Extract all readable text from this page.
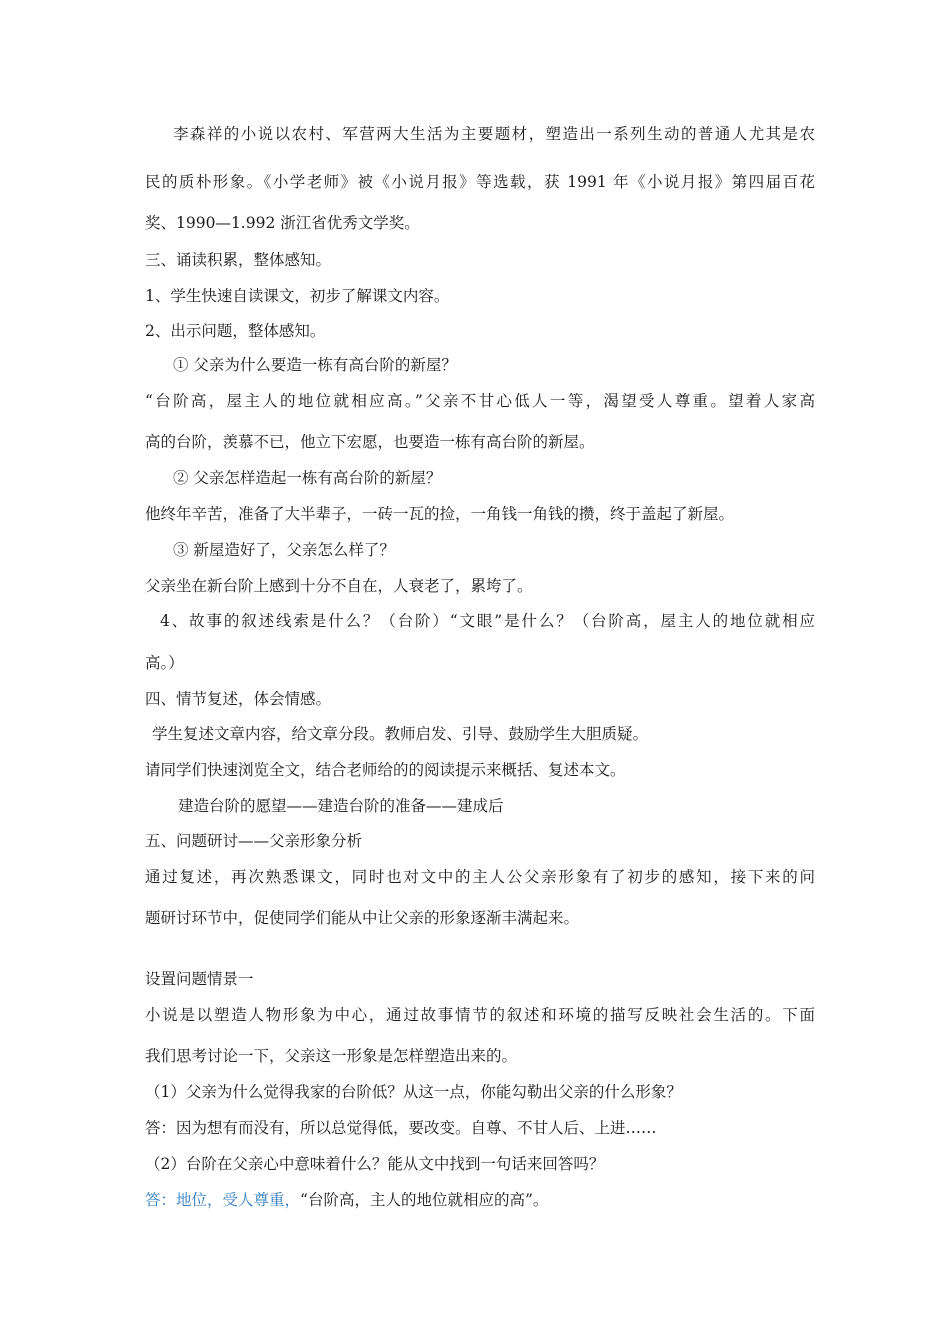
李森祥的小说以农村、军营两大生活为主要题材，塑造出一系列生动的普通人尤其是农
民的质朴形象。《小学老师》被《小说月报》等选载，获 1991 年《小说月报》第四届百花
奖、1990—1.992 浙江省优秀文学奖。
三、诵读积累，整体感知。
1、学生快速自读课文，初步了解课文内容。
2、出示问题，整体感知。
① 父亲为什么要造一栋有高台阶的新屋？
“台阶高，屋主人的地位就相应高。”父亲不甘心低人一等，渴望受人尊重。望着人家高
高的台阶，羡慕不已，他立下宏愿，也要造一栋有高台阶的新屋。
② 父亲怎样造起一栋有高台阶的新屋？
他终年辛苦，准备了大半辈子，一砖一瓦的捡，一角钱一角钱的攒，终于盖起了新屋。
③ 新屋造好了，父亲怎么样了？
父亲坐在新台阶上感到十分不自在，人衰老了，累垮了。
4、故事的叙述线索是什么？（台阶）“文眼”是什么？（台阶高，屋主人的地位就相应
高。）
四、情节复述，体会情感。
学生复述文章内容，给文章分段。教师启发、引导、鼓励学生大胆质疑。
请同学们快速浏览全文，结合老师给的的阅读提示来概括、复述本文。
建造台阶的愿望——建造台阶的准备——建成后
五、问题研讨——父亲形象分析
通过复述，再次熟悉课文，同时也对文中的主人公父亲形象有了初步的感知，接下来的问
题研讨环节中，促使同学们能从中让父亲的形象逐渐丰满起来。
设置问题情景一
小说是以塑造人物形象为中心，通过故事情节的叙述和环境的描写反映社会生活的。下面
我们思考讨论一下，父亲这一形象是怎样塑造出来的。
（1）父亲为什么觉得我家的台阶低？从这一点，你能勾勒出父亲的什么形象？
答：因为想有而没有，所以总觉得低，要改变。自尊、不甘人后、上进……
（2）台阶在父亲心中意味着什么？能从文中找到一句话来回答吗？
答：地位，受人尊重，“台阶高，主人的地位就相应的高”。
